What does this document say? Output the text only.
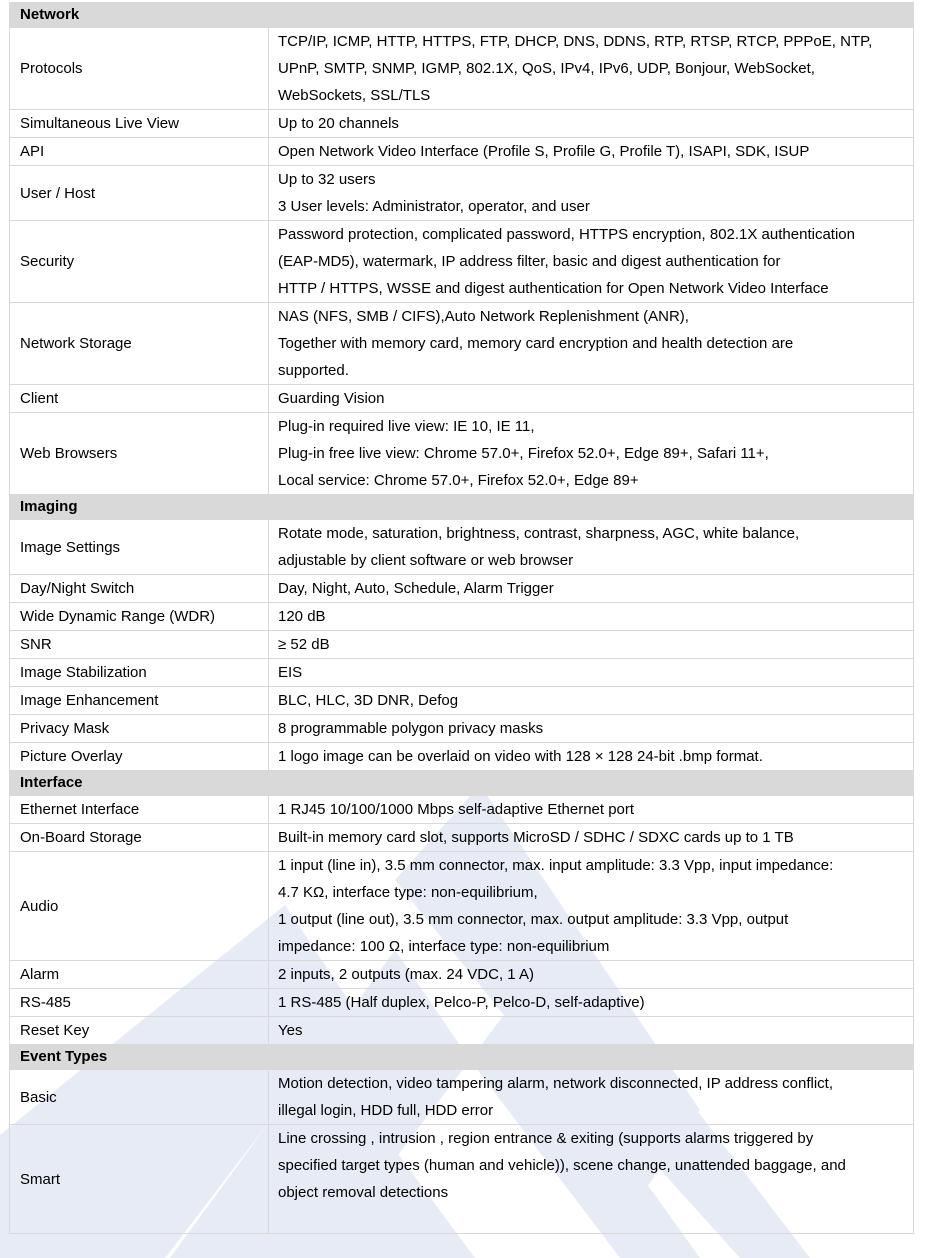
Network	
Protocols	TCP/IP, ICMP, HTTP, HTTPS, FTP, DHCP, DNS, DDNS, RTP, RTSP, RTCP, PPPoE, NTP,
UPnP, SMTP, SNMP, IGMP, 802.1X, QoS, IPv4, IPv6, UDP, Bonjour, WebSocket,
WebSockets, SSL/TLS

Simultaneous Live View	Up to 20 channels

API	Open Network Video Interface (Profile S, Profile G, Profile T), ISAPI, SDK, ISUP

User / Host	Up to 32 users
3 User levels: Administrator, operator, and user

Security	Password protection, complicated password, HTTPS encryption, 802.1X authentication
(EAP-MD5), watermark, IP address filter, basic and digest authentication for
HTTP / HTTPS, WSSE and digest authentication for Open Network Video Interface

Network Storage	NAS (NFS, SMB / CIFS),Auto Network Replenishment (ANR),
Together with memory card, memory card encryption and health detection are
supported.

Client	Guarding Vision

Web Browsers	Plug-in required live view: IE 10, IE 11,
Plug-in free live view: Chrome 57.0+, Firefox 52.0+, Edge 89+, Safari 11+,
Local service: Chrome 57.0+, Firefox 52.0+, Edge 89+

Imaging	
Image Settings	Rotate mode, saturation, brightness, contrast, sharpness, AGC, white balance,
adjustable by client software or web browser

Day/Night Switch	Day, Night, Auto, Schedule, Alarm Trigger

Wide Dynamic Range (WDR)	120 dB

SNR	≥ 52 dB

Image Stabilization	EIS

Image Enhancement	BLC, HLC, 3D DNR, Defog

Privacy Mask	8 programmable polygon privacy masks

Picture Overlay	1 logo image can be overlaid on video with 128 × 128 24-bit .bmp format.

Interface	
Ethernet Interface	1 RJ45 10/100/1000 Mbps self-adaptive Ethernet port

On-Board Storage	Built-in memory card slot, supports MicroSD / SDHC / SDXC cards up to 1 TB

Audio	1 input (line in), 3.5 mm connector, max. input amplitude: 3.3 Vpp, input impedance:
4.7 KΩ, interface type: non-equilibrium,
1 output (line out), 3.5 mm connector, max. output amplitude: 3.3 Vpp, output
impedance: 100 Ω, interface type: non-equilibrium

Alarm	2 inputs, 2 outputs (max. 24 VDC, 1 A)

RS-485	1 RS-485 (Half duplex, Pelco-P, Pelco-D, self-adaptive)

Reset Key	Yes

Event Types	
Basic	Motion detection, video tampering alarm, network disconnected, IP address conflict,
illegal login, HDD full, HDD error

Smart	Line crossing , intrusion , region entrance & exiting (supports alarms triggered by
specified target types (human and vehicle)), scene change, unattended baggage, and
object removal detections
